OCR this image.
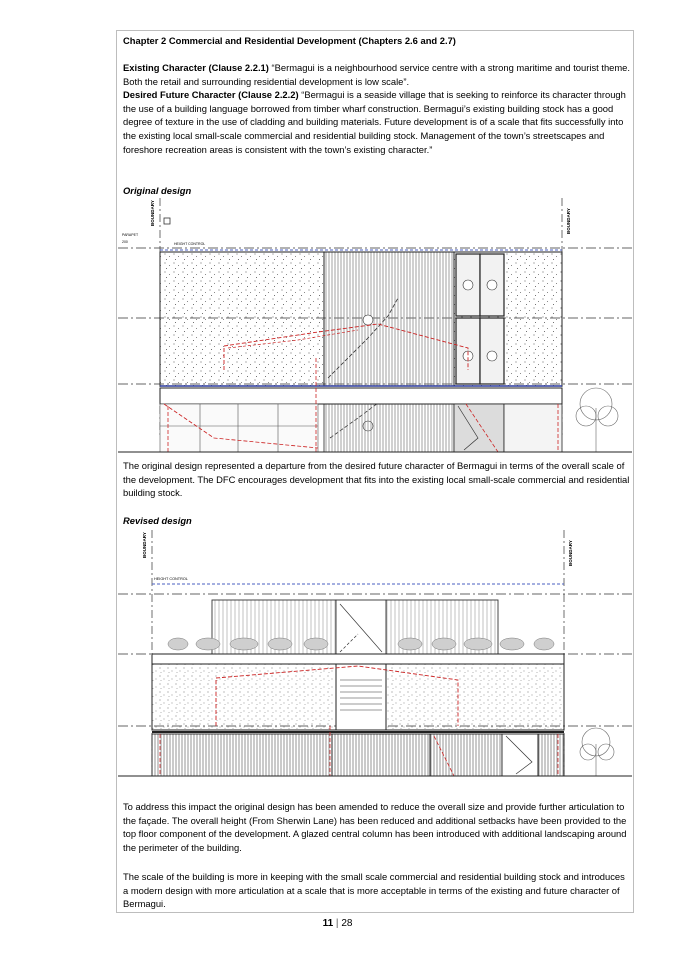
Chapter 2 Commercial and Residential Development (Chapters 2.6 and 2.7)
Existing Character (Clause 2.2.1) “Bermagui is a neighbourhood service centre with a strong maritime and tourist theme. Both the retail and surrounding residential development is low scale”.
Desired Future Character (Clause 2.2.2) “Bermagui is a seaside village that is seeking to reinforce its character through the use of a building language borrowed from timber wharf construction. Bermagui’s existing building stock has a good degree of texture in the use of cladding and building materials. Future development is of a scale that fits successfully into the existing local small-scale commercial and residential building stock. Management of the town’s streetscapes and foreshore recreation areas is consistent with the town’s existing character.”
Original design
BOUNDARY	BOUNDARY
PARAPET
200	HEIGHT CONTROL
The original design represented a departure from the desired future character of Bermagui in terms of the overall scale of the development. The DFC encourages development that fits into the existing local small-scale commercial and residential building stock.
Revised design
BOUNDARY	BOUNDARY
HEIGHT CONTROL
To address this impact the original design has been amended to reduce the overall size and provide further articulation to the façade. The overall height (From Sherwin Lane) has been reduced and additional setbacks have been provided to the top floor component of the development. A glazed central column has been introduced with additional landscaping around the perimeter of the building.
The scale of the building is more in keeping with the small scale commercial and residential building stock and introduces a modern design with more articulation at a scale that is more acceptable in terms of the existing and future character of Bermagui.
11 | 28
